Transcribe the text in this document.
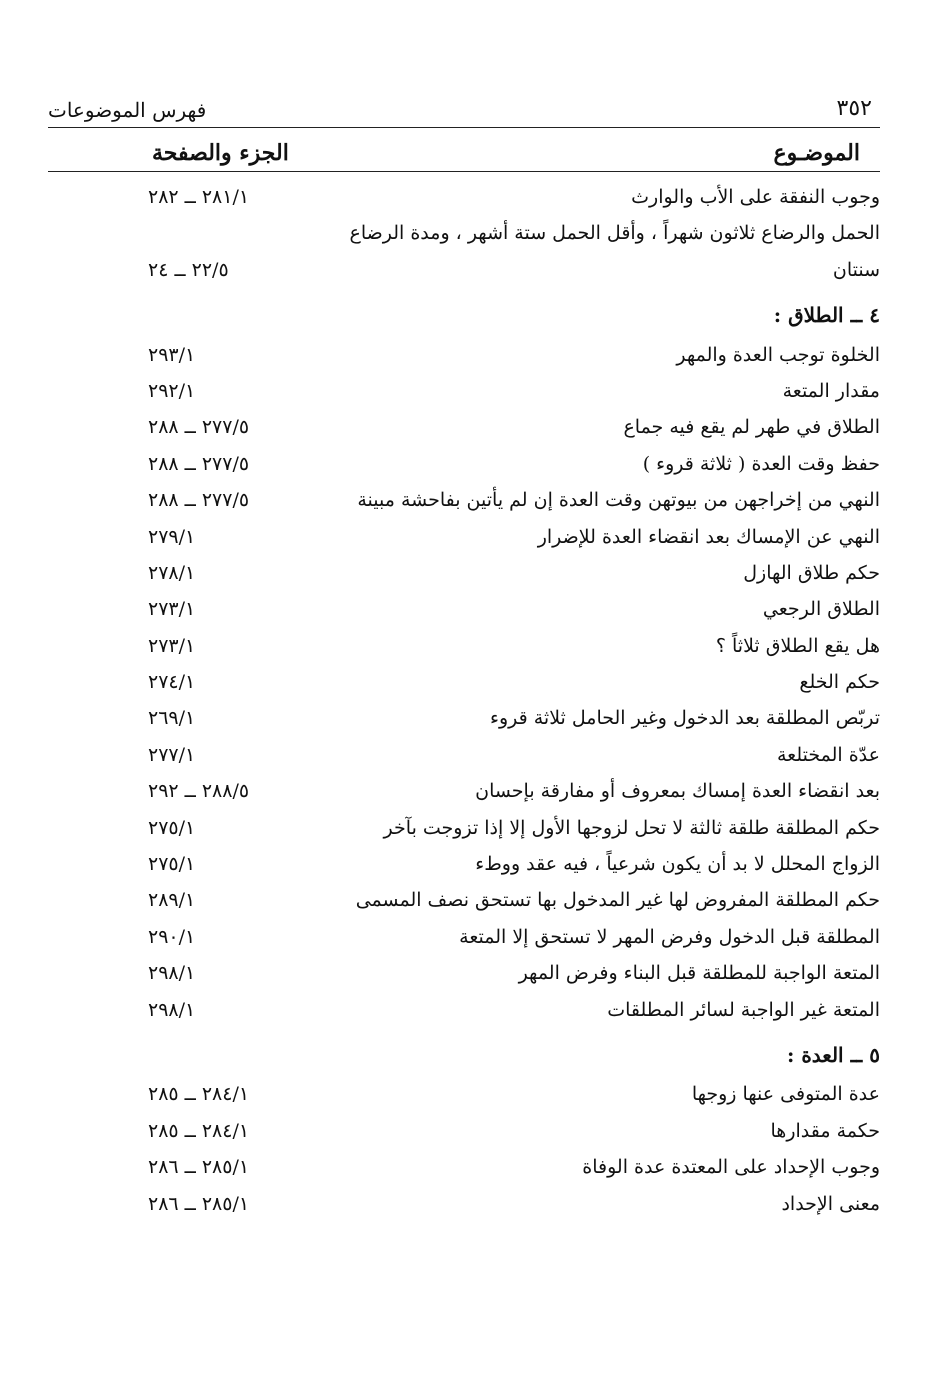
٣٥٢
فهرس الموضوعات
الموضـوع
الجزء والصفحة
وجوب النفقة على الأب والوارث
٢٨١/١ ــ ٢٨٢
الحمل والرضاع ثلاثون شهراً ، وأقل الحمل ستة أشهر ، ومدة الرضاع
سنتان
٢٢/٥ ــ ٢٤
٤ ــ الطلاق :
الخلوة توجب العدة والمهر
٢٩٣/١
مقدار المتعة
٢٩٢/١
الطلاق في طهر لم يقع فيه جماع
٢٧٧/٥ ــ ٢٨٨
حفظ وقت العدة ( ثلاثة قروء )
٢٧٧/٥ ــ ٢٨٨
النهي من إخراجهن من بيوتهن وقت العدة إن لم يأتين بفاحشة مبينة
٢٧٧/٥ ــ ٢٨٨
النهي عن الإمساك بعد انقضاء العدة للإضرار
٢٧٩/١
حكم طلاق الهازل
٢٧٨/١
الطلاق الرجعي
٢٧٣/١
هل يقع الطلاق ثلاثاً ؟
٢٧٣/١
حكم الخلع
٢٧٤/١
تربّص المطلقة بعد الدخول وغير الحامل ثلاثة قروء
٢٦٩/١
عدّة المختلعة
٢٧٧/١
بعد انقضاء العدة إمساك بمعروف أو مفارقة بإحسان
٢٨٨/٥ ــ ٢٩٢
حكم المطلقة طلقة ثالثة لا تحل لزوجها الأول إلا إذا تزوجت بآخر
٢٧٥/١
الزواج المحلل لا بد أن يكون شرعياً ، فيه عقد ووطء
٢٧٥/١
حكم المطلقة المفروض لها غير المدخول بها تستحق نصف المسمى
٢٨٩/١
المطلقة قبل الدخول وفرض المهر لا تستحق إلا المتعة
٢٩٠/١
المتعة الواجبة للمطلقة قبل البناء وفرض المهر
٢٩٨/١
المتعة غير الواجبة لسائر المطلقات
٢٩٨/١
٥ ــ العدة :
عدة المتوفى عنها زوجها
٢٨٤/١ ــ ٢٨٥
حكمة مقدارها
٢٨٤/١ ــ ٢٨٥
وجوب الإحداد على المعتدة عدة الوفاة
٢٨٥/١ ــ ٢٨٦
معنى الإحداد
٢٨٥/١ ــ ٢٨٦
